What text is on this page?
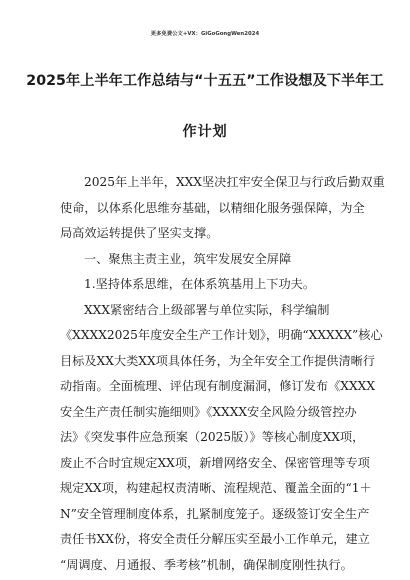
更多免费公文+VX：GiGoGongWen2024
2025年上半年工作总结与“十五五”工作设想及下半年工
作计划
2025年上半年，XXX坚决扛牢安全保卫与行政后勤双重
使命，以体系化思维夯基础，以精细化服务强保障，为全
局高效运转提供了坚实支撑。
一、聚焦主责主业，筑牢发展安全屏障
1.坚持体系思维，在体系筑基用上下功夫。
XXX紧密结合上级部署与单位实际，科学编制
《XXXX2025年度安全生产工作计划》，明确“XXXXX”核心
目标及XX大类XX项具体任务，为全年安全工作提供清晰行
动指南。全面梳理、评估现有制度漏洞，修订发布《XXXX
安全生产责任制实施细则》《XXXX安全风险分级管控办
法》《突发事件应急预案（2025版）》等核心制度XX项，
废止不合时宜规定XX项，新增网络安全、保密管理等专项
规定XX项，构建起权责清晰、流程规范、覆盖全面的“1＋
N”安全管理制度体系，扎紧制度笼子。逐级签订安全生产
责任书XX份，将安全责任分解压实至最小工作单元，建立
“周调度、月通报、季考核”机制，确保制度刚性执行。
